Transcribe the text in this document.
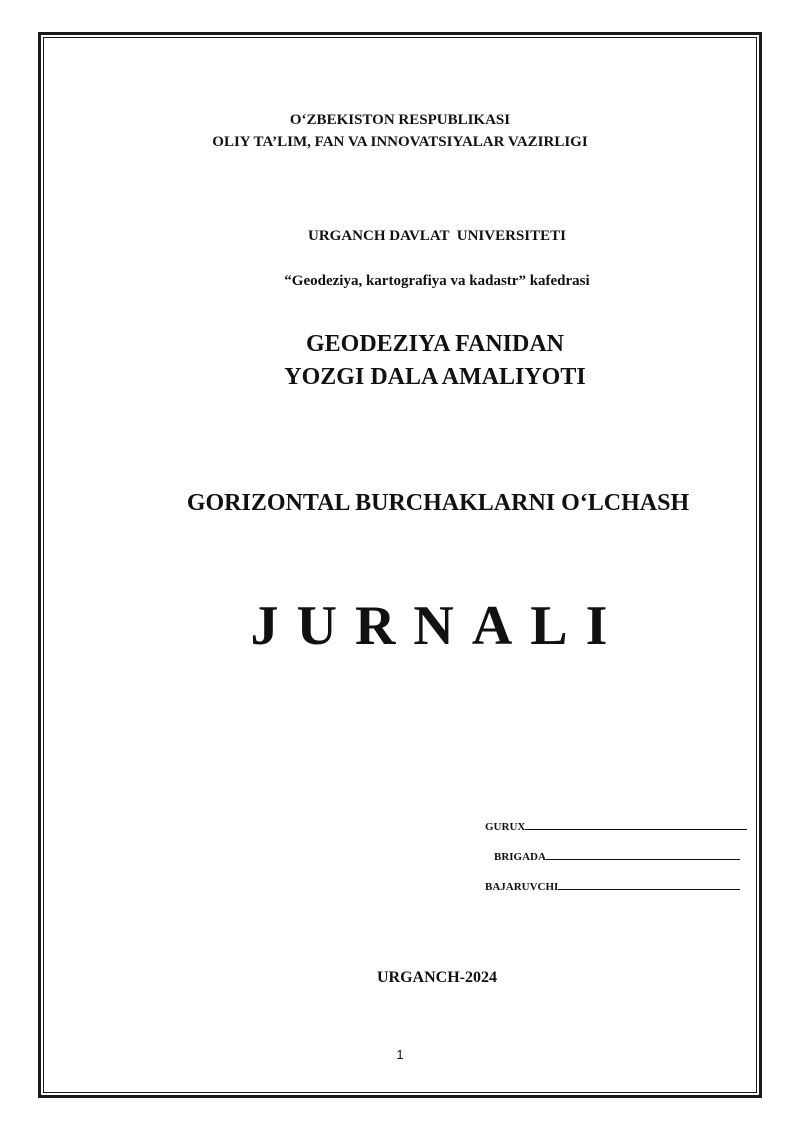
O‘ZBEKISTON RESPUBLIKASI
OLIY TA’LIM, FAN VA INNOVATSIYALAR VAZIRLIGI
URGANCH DAVLAT  UNIVERSITETI
“Geodeziya, kartografiya va kadastr” kafedrasi
GEODEZIYA FANIDAN
YOZGI DALA AMALIYOTI
GORIZONTAL BURCHAKLARNI O‘LCHASH
JURNALI
GURUX
BRIGADA
BAJARUVCHI
URGANCH-2024
1
